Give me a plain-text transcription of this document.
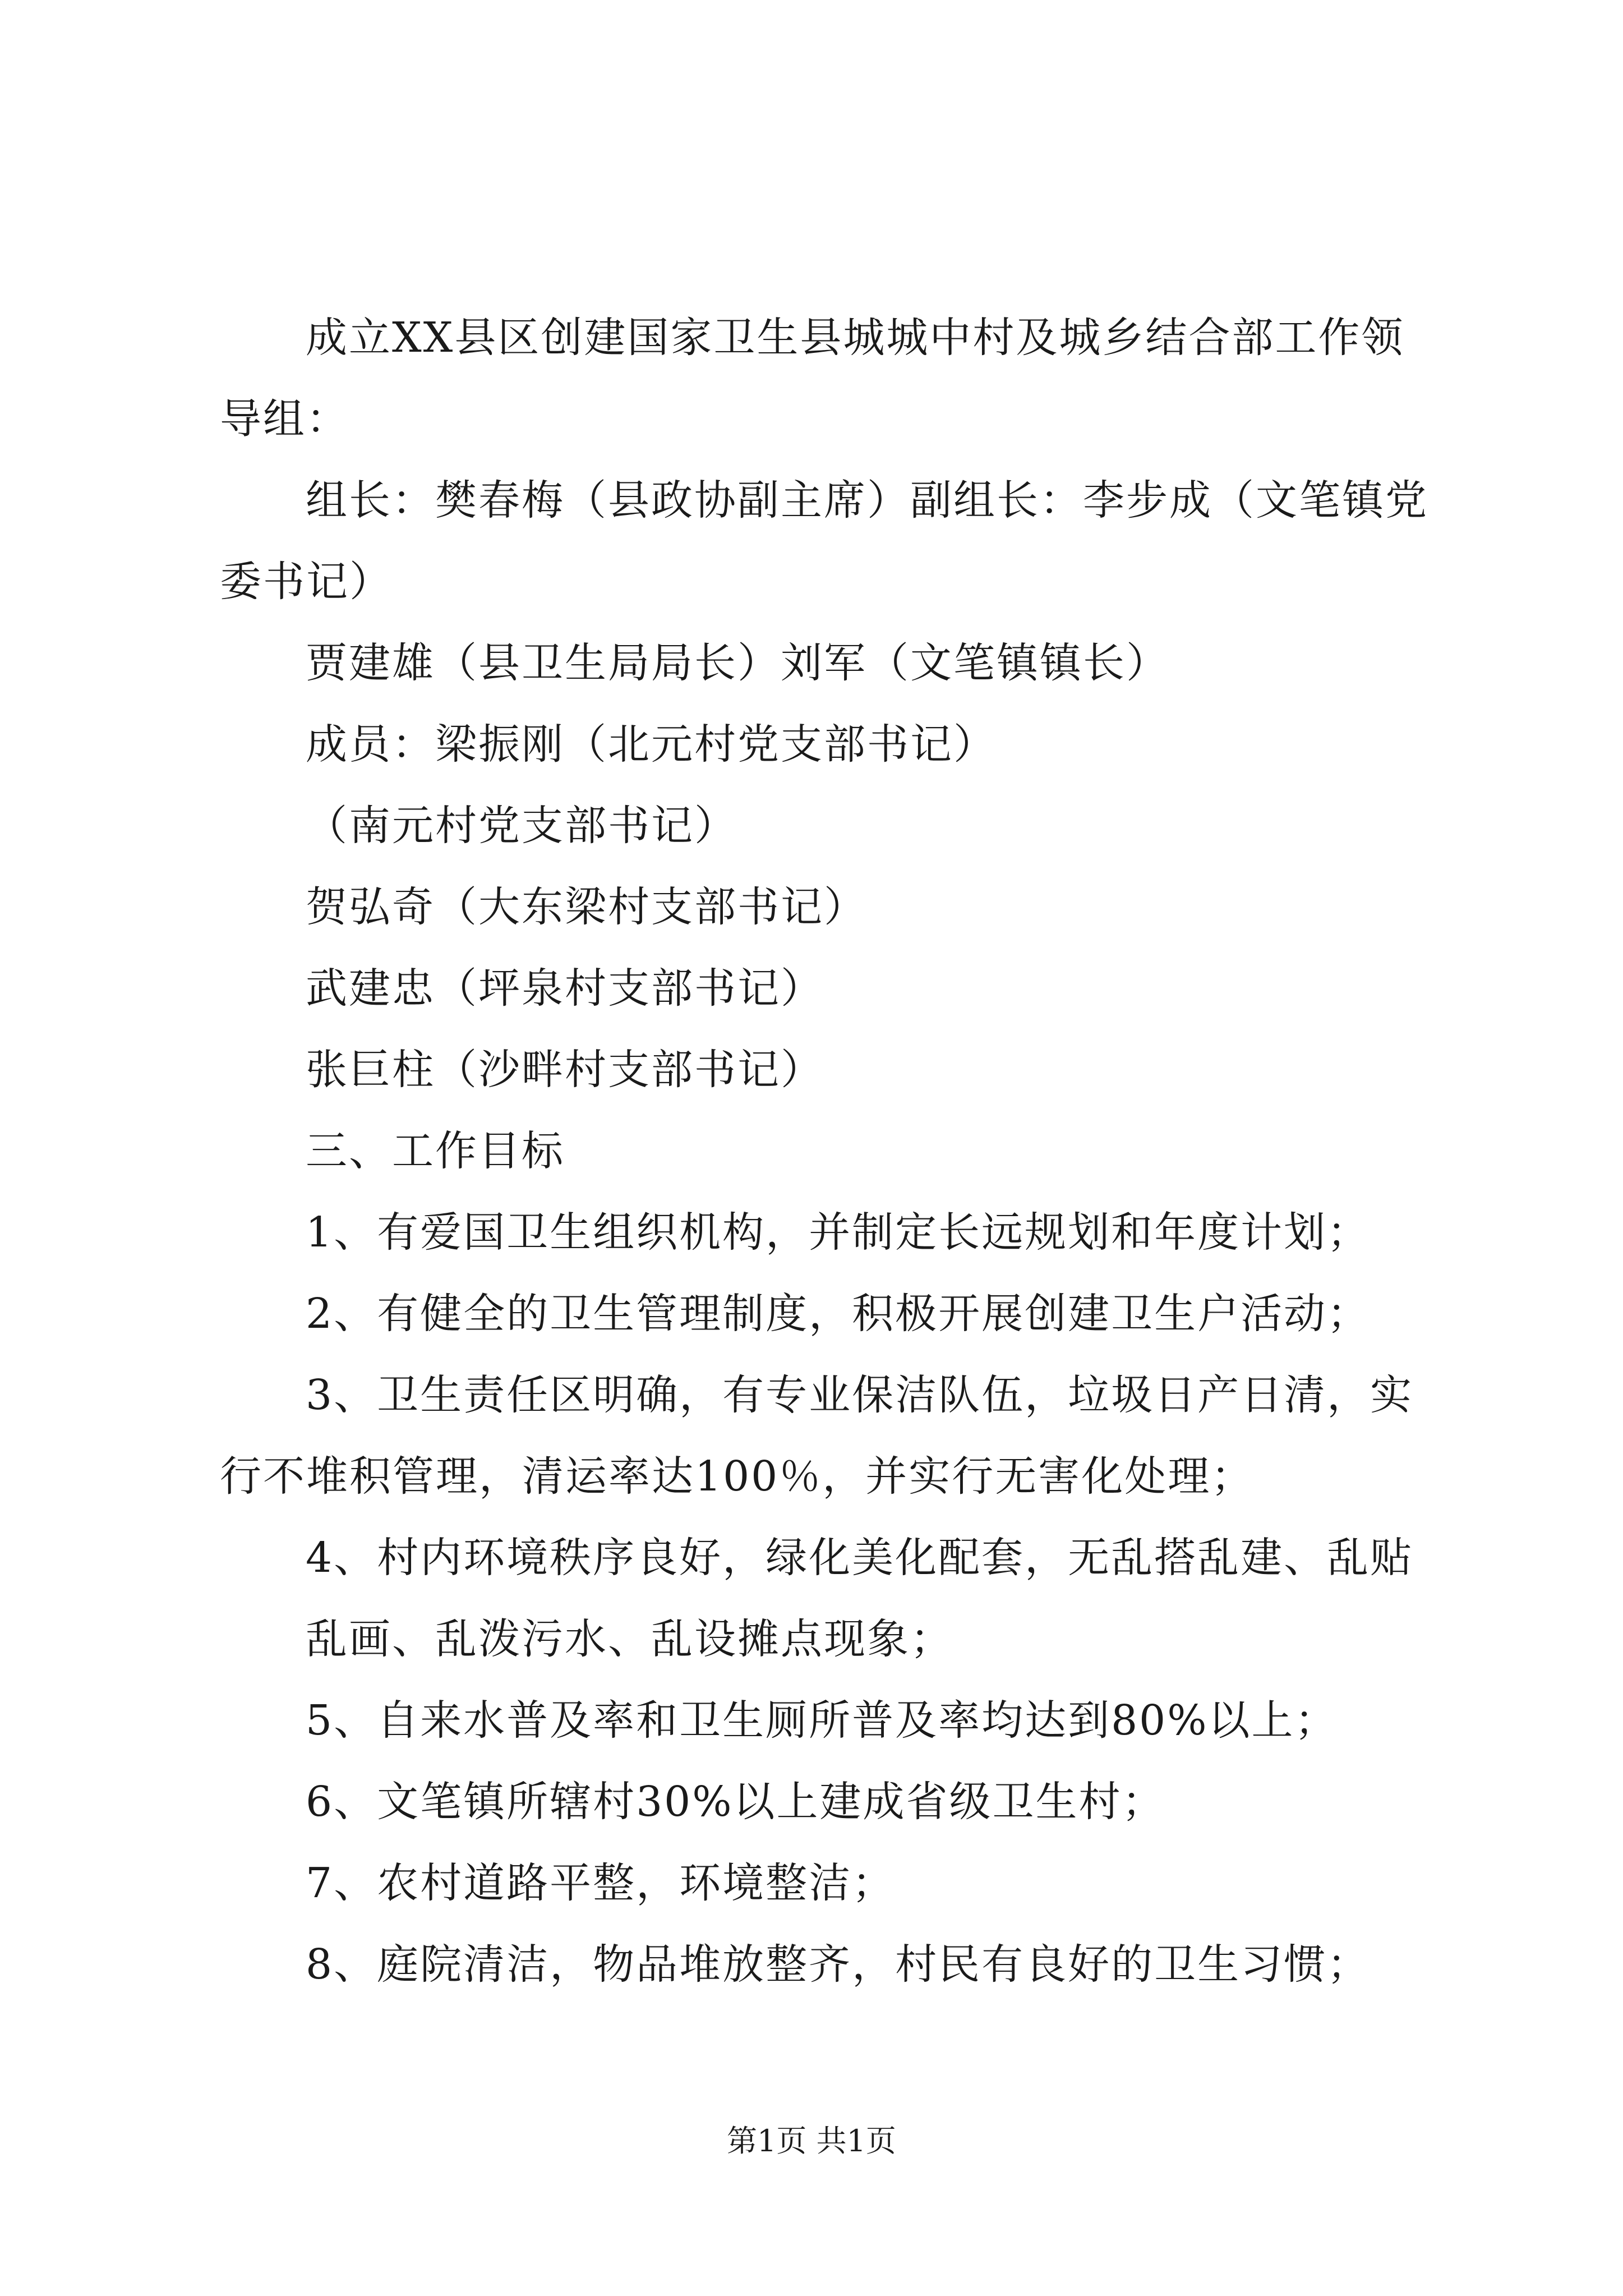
成立XX县区创建国家卫生县城城中村及城乡结合部工作领
导组：
组长：樊春梅（县政协副主席）副组长：李步成（文笔镇党
委书记）
贾建雄（县卫生局局长）刘军（文笔镇镇长）
成员：梁振刚（北元村党支部书记）
（南元村党支部书记）
贺弘奇（大东梁村支部书记）
武建忠（坪泉村支部书记）
张巨柱（沙畔村支部书记）
三、工作目标
1、有爱国卫生组织机构，并制定长远规划和年度计划；
2、有健全的卫生管理制度，积极开展创建卫生户活动；
3、卫生责任区明确，有专业保洁队伍，垃圾日产日清，实
行不堆积管理，清运率达100％，并实行无害化处理；
4、村内环境秩序良好，绿化美化配套，无乱搭乱建、乱贴
乱画、乱泼污水、乱设摊点现象；
5、自来水普及率和卫生厕所普及率均达到80%以上；
6、文笔镇所辖村30%以上建成省级卫生村；
7、农村道路平整，环境整洁；
8、庭院清洁，物品堆放整齐，村民有良好的卫生习惯；
第1页 共1页
